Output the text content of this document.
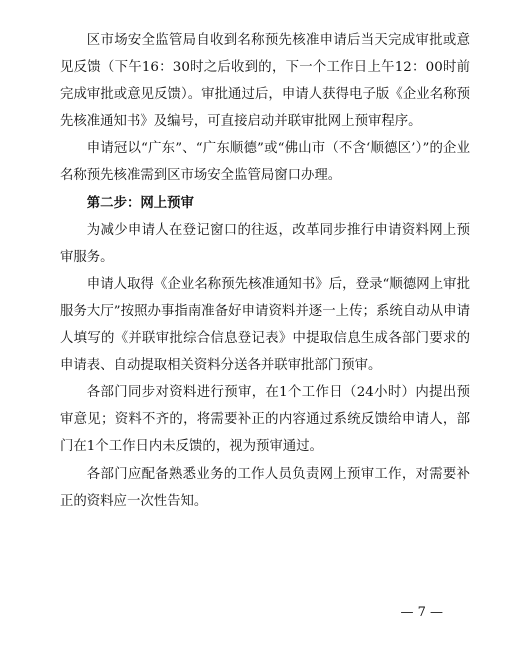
区市场安全监管局自收到名称预先核准申请后当天完成审批或意见反馈（下午16：30时之后收到的，下一个工作日上午12：00时前完成审批或意见反馈）。审批通过后，申请人获得电子版《企业名称预先核准通知书》及编号，可直接启动并联审批网上预审程序。

申请冠以“广东”、“广东顺德”或“佛山市（不含‘顺德区’）”的企业名称预先核准需到区市场安全监管局窗口办理。

第二步：网上预审

为减少申请人在登记窗口的往返，改革同步推行申请资料网上预审服务。

申请人取得《企业名称预先核准通知书》后，登录“顺德网上审批服务大厅”按照办事指南准备好申请资料并逐一上传；系统自动从申请人填写的《并联审批综合信息登记表》中提取信息生成各部门要求的申请表、自动提取相关资料分送各并联审批部门预审。

各部门同步对资料进行预审，在1个工作日（24小时）内提出预审意见；资料不齐的，将需要补正的内容通过系统反馈给申请人，部门在1个工作日内未反馈的，视为预审通过。

各部门应配备熟悉业务的工作人员负责网上预审工作，对需要补正的资料应一次性告知。

— 7 —
